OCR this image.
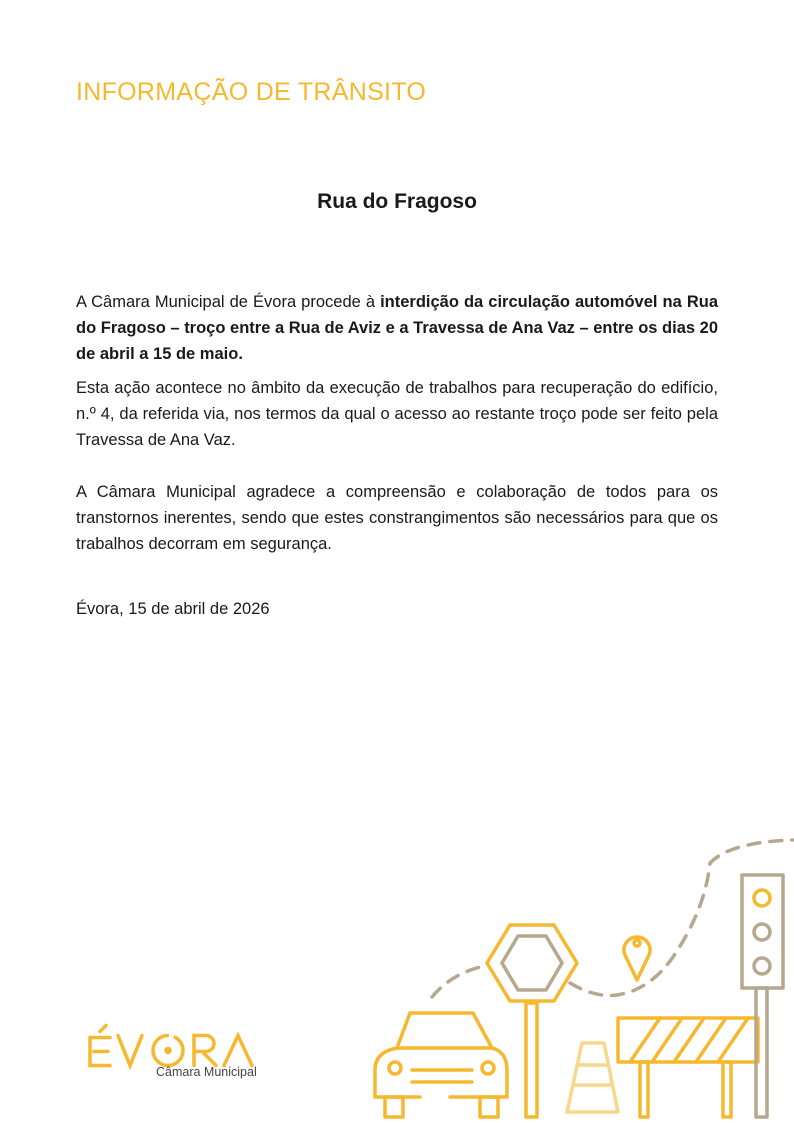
INFORMAÇÃO DE TRÂNSITO
Rua do Fragoso

A Câmara Municipal de Évora procede à interdição da circulação automóvel na Rua do Fragoso – troço entre a Rua de Aviz e a Travessa de Ana Vaz – entre os dias 20 de abril a 15 de maio.

Esta ação acontece no âmbito da execução de trabalhos para recuperação do edifício, n.º 4, da referida via, nos termos da qual o acesso ao restante troço pode ser feito pela Travessa de Ana Vaz.

A Câmara Municipal agradece a compreensão e colaboração de todos para os transtornos inerentes, sendo que estes constrangimentos são necessários para que os trabalhos decorram em segurança.

Évora, 15 de abril de 2026
Câmara Municipal
